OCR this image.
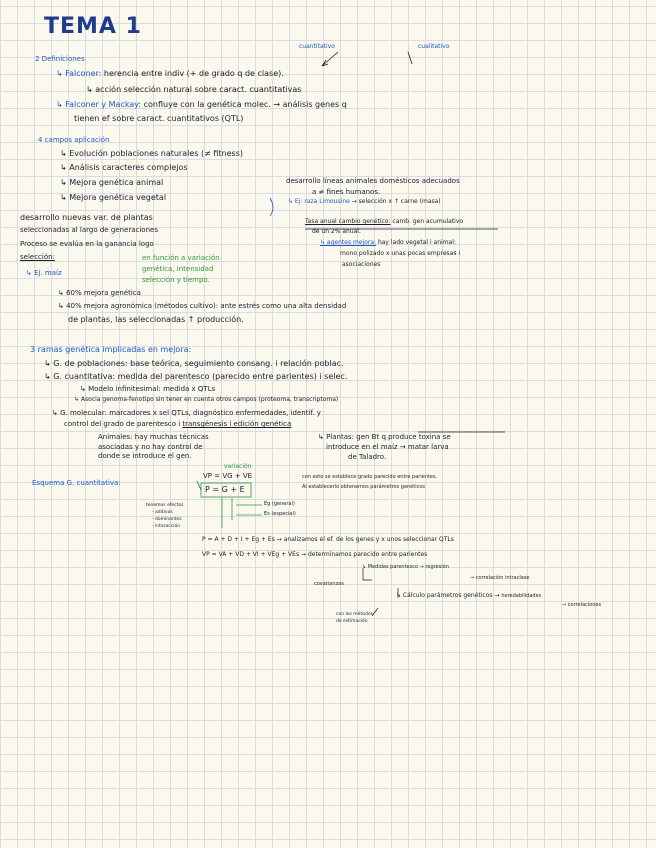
TEMA 1
cuantitativo	cualitativo
2 Definiciones
↳ Falconer: herencia entre indiv (+ de grado q de clase).
↳ acción selección natural sobre caract. cuantitativas
↳ Falconer y Mackay: confluye con la genética molec. → análisis genes q
tienen ef sobre caract. cuantitativos (QTL)
4 campos aplicación
↳ Evolución poblaciones naturales (≠ fitness)
↳ Análisis caracteres complejos
↳ Mejora genética animal
↳ Mejora genética vegetal
desarrollo líneas animales domésticos adecuados
a ≠ fines humanos.
↳ Ej: raza Limousine → selección x ↑ carne (masa)
desarrollo nuevas var. de plantas
seleccionadas al largo de generaciones
Tasa anual cambio genético: camb. gen acumulativo
de un 2% anual.
↳ agentes mejora: hay lado vegetal i animal:
mono polizado x unas pocas empresas i
asociaciones
Proceso se evalúa en la ganancia logo
selección:	en función a variación
genética, intensidad
selección y tiempo.
↳ Ej. maíz
↳ 60% mejora genética
↳ 40% mejora agronómica (métodos cultivo): ante estrés como una alta densidad
de plantas, las seleccionadas ↑ producción.
3 ramas genética implicadas en mejora:
↳ G. de poblaciones: base teórica, seguimiento consang. i relación poblac.
↳ G. cuantitativa: medida del parentesco (parecido entre parientes) i selec.
↳ Modelo infinitesimal: medida x QTLs
↳ Asocia genoma-fenotipo sin tener en cuenta otros campos (proteoma, transcriptoma)
↳ G. molecular: marcadores x sel QTLs, diagnóstico enfermedades, identif. y
control del grado de parentesco i transgénesis i edición genética
Animales: hay muchas técnicas
asociadas y no hay control de
donde se introduce el gen.
↳ Plantas: gen Bt q produce toxina se
introduce en el maíz → matar larva
de Taladro.
variación
VP = VG + VE
P = G + E
Esquema G. cuantitativa:
con esto se establece grado parecido entre parientes.
Al establecerlo obtenemos parámetros genéticos
tenemos efectos
- aditivos
- dominantes
- interacción
Eg (general)
Es (especial)
P = A + D + I + Eg + Es → analizamos el ef. de los genes y x unos seleccionar QTLs
VP = VA + VD + VI + VEg + VEs → determinamos parecido entre parientes
↳ Medidas parentesco → regresión
→ correlación intraclase
covarianzas
↳ Cálculo parámetros genéticos → heredabilidades
→ correlaciones
con los métodos
de estimación
